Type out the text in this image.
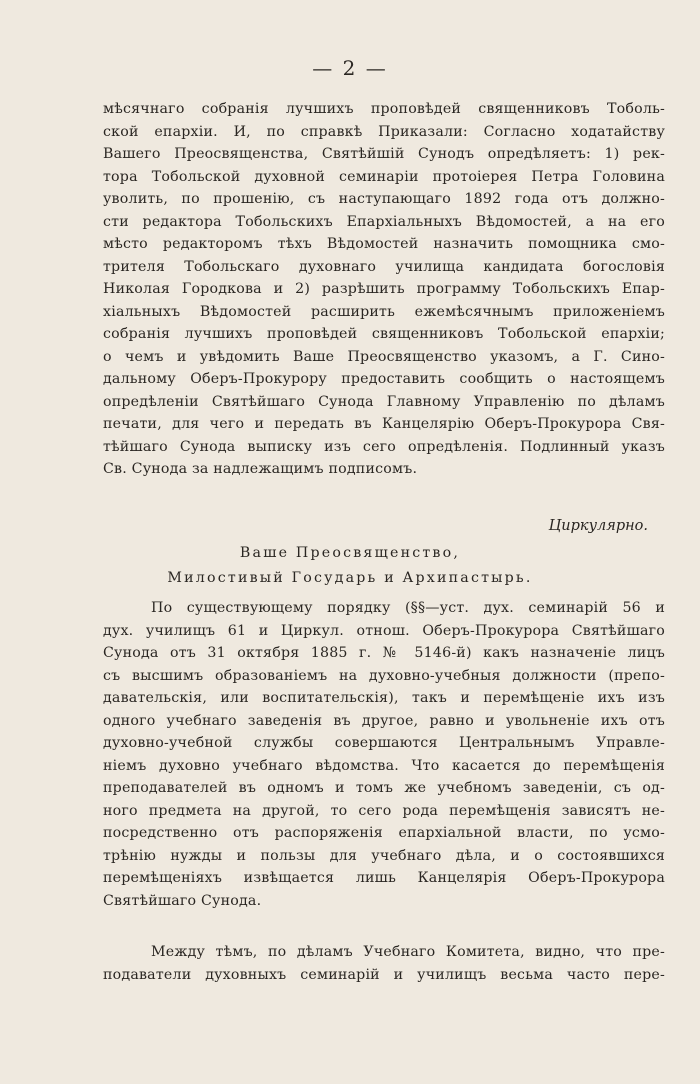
— 2 —
мѣсячнаго собранія лучшихъ проповѣдей священниковъ Тоболь-
ской епархіи. И, по справкѣ Приказали: Согласно ходатайству
Вашего Преосвященства, Святѣйшій Сунодъ опредѣляетъ: 1) рек-
тора Тобольской духовной семинаріи протоіерея Петра Головина
уволить, по прошенію, съ наступающаго 1892 года отъ должно-
сти редактора Тобольскихъ Епархіальныхъ Вѣдомостей, а на его
мѣсто редакторомъ тѣхъ Вѣдомостей назначить помощника смо-
трителя Тобольскаго духовнаго училища кандидата богословія
Николая Городкова и 2) разрѣшить программу Тобольскихъ Епар-
хіальныхъ Вѣдомостей расширить ежемѣсячнымъ приложеніемъ
собранія лучшихъ проповѣдей священниковъ Тобольской епархіи;
о чемъ и увѣдомить Ваше Преосвященство указомъ, а Г. Сино-
дальному Оберъ-Прокурору предоставить сообщить о настоящемъ
опредѣленіи Святѣйшаго Сунода Главному Управленію по дѣламъ
печати, для чего и передать въ Канцелярію Оберъ-Прокурора Свя-
тѣйшаго Сунода выписку изъ сего опредѣленія. Подлинный указъ
Св. Сунода за надлежащимъ подписомъ.
Циркулярно.
Ваше Преосвященство,
Милостивый Государь и Архипастырь.
По существующему порядку (§§—уст. дух. семинарій 56 и
дух. училищъ 61 и Циркул. отнош. Оберъ-Прокурора Святѣйшаго
Сунода отъ 31 октября 1885 г. № 5146-й) какъ назначеніе лицъ
съ высшимъ образованіемъ на духовно-учебныя должности (препо-
давательскія, или воспитательскія), такъ и перемѣщеніе ихъ изъ
одного учебнаго заведенія въ другое, равно и увольненіе ихъ отъ
духовно-учебной службы совершаются Центральнымъ Управле-
ніемъ духовно учебнаго вѣдомства. Что касается до перемѣщенія
преподавателей въ одномъ и томъ же учебномъ заведеніи, съ од-
ного предмета на другой, то сего рода перемѣщенія зависятъ не-
посредственно отъ распоряженія епархіальной власти, по усмо-
трѣнію нужды и пользы для учебнаго дѣла, и о состоявшихся
перемѣщеніяхъ извѣщается лишь Канцелярія Оберъ-Прокурора
Святѣйшаго Сунода.
Между тѣмъ, по дѣламъ Учебнаго Комитета, видно, что пре-
подаватели духовныхъ семинарій и училищъ весьма часто пере-
